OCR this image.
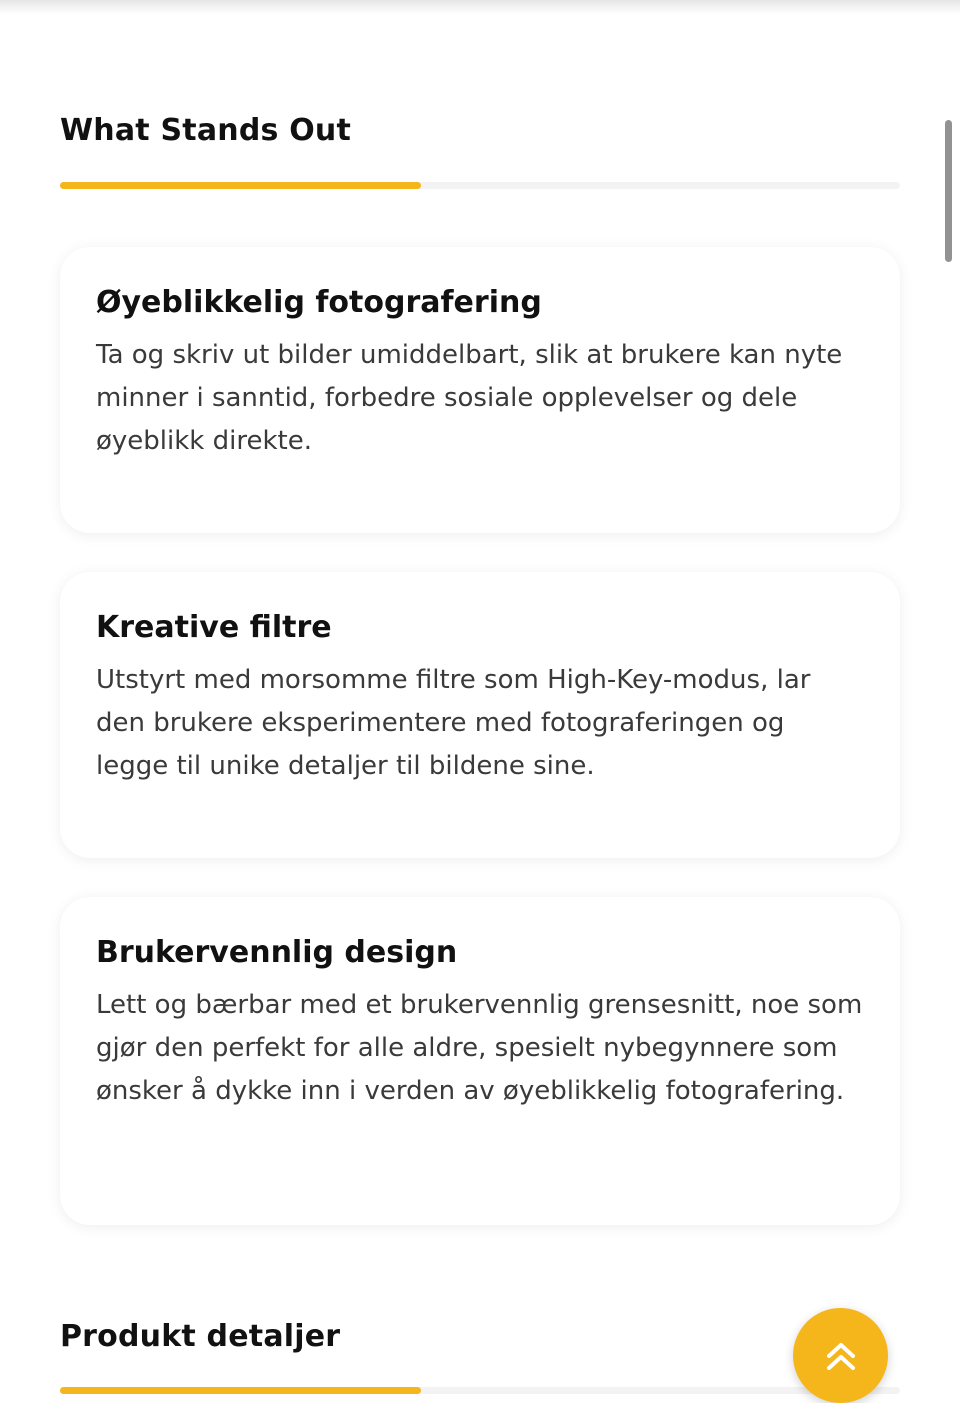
What Stands Out
Øyeblikkelig fotografering

Ta og skriv ut bilder umiddelbart, slik at brukere kan nyte minner i sanntid, forbedre sosiale opplevelser og dele øyeblikk direkte.

Kreative filtre

Utstyrt med morsomme filtre som High-Key-modus, lar den brukere eksperimentere med fotograferingen og legge til unike detaljer til bildene sine.

Brukervennlig design

Lett og bærbar med et brukervennlig grensesnitt, noe som gjør den perfekt for alle aldre, spesielt nybegynnere som ønsker å dykke inn i verden av øyeblikkelig fotografering.

Produkt detaljer
